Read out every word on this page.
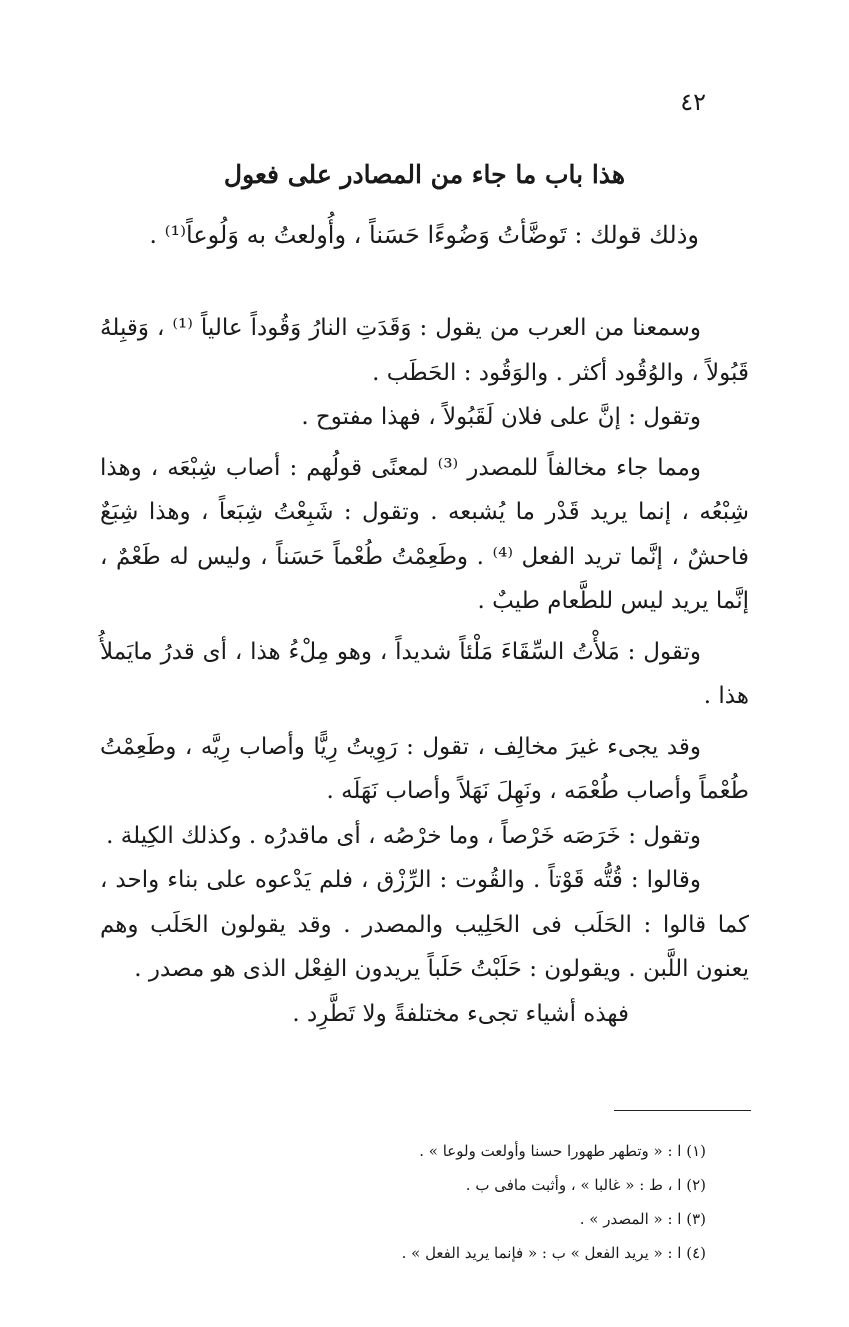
٤٢
هذا باب ما جاء من المصادر على فعول
وذلك قولك : تَوضَّأتُ وَضُوءًا حَسَناً ، وأُولعتُ به وَلُوعاً⁽¹⁾ .

وسمعنا من العرب من يقول : وَقَدَتِ النارُ وَقُوداً عالياً ⁽¹⁾ ، وَقبِلهُ قَبُولاً ، والوُقُود أكثر . والوَقُود : الحَطَب .

وتقول : إنَّ على فلان لَقَبُولاً ، فهذا مفتوح .

ومما جاء مخالفاً للمصدر ⁽³⁾ لمعنًى قولُهم : أصاب شِبْعَه ، وهذا شِبْعُه ، إنما يريد قَدْر ما يُشبعه . وتقول : شَبِعْتُ شِبَعاً ، وهذا شِبَعٌ فاحشٌ ، إنَّما تريد الفعل ⁽⁴⁾ . وطَعِمْتُ طُعْماً حَسَناً ، وليس له طَعْمٌ ، إنَّما يريد ليس للطَّعام طيبٌ .

وتقول : مَلأْتُ السِّقَاءَ مَلْئاً شديداً ، وهو مِلْءُ هذا ، أى قدرُ مايَملأُ هذا .

وقد يجىء غيرَ مخالِف ، تقول : رَوِيتُ رِيًّا وأصاب رِيَّه ، وطَعِمْتُ طُعْماً وأصاب طُعْمَه ، ونَهِلَ نَهَلاً وأصاب نَهَلَه .

وتقول : خَرَصَه خَرْصاً ، وما خرْصُه ، أى ماقدرُه . وكذلك الكِيلة .

وقالوا : قُتُّه قَوْتاً . والقُوت : الرِّزْق ، فلم يَدْعوه على بناء واحد ، كما قالوا : الحَلَب فى الحَلِيب والمصدر . وقد يقولون الحَلَب وهم يعنون اللَّبن . ويقولون : حَلَبْتُ حَلَباً يريدون الفِعْل الذى هو مصدر .

فهذه أشياء تجىء مختلفةً ولا تَطَّرِد .

(١) ا : « وتطهر طهورا حسنا وأولعت ولوعا » .
(٢) ا ، ط : « غالبا » ، وأثبت مافى ب .
(٣) ا : « المصدر » .
(٤) ا : « يريد الفعل » ب : « فإنما يريد الفعل » .
